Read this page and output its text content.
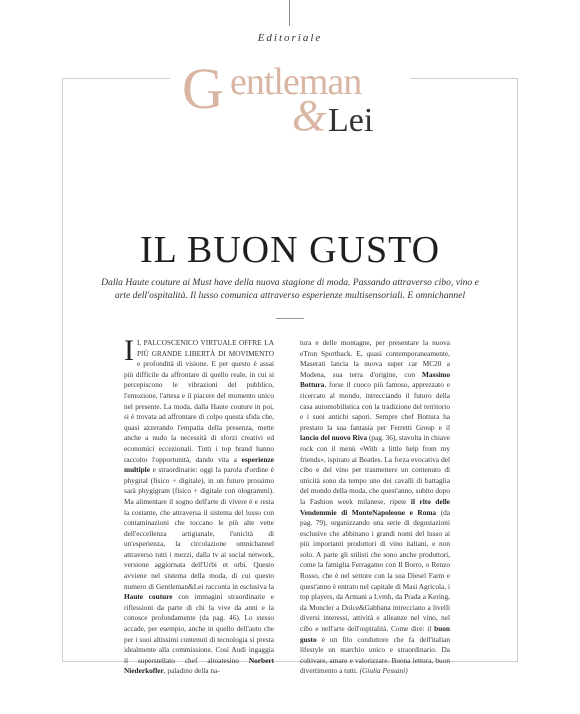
Editoriale
G entleman
& Lei
IL BUON GUSTO
Dalla Haute couture ai Must have della nuova stagione di moda. Passando attraverso cibo, vino e arte dell'ospitalità. Il lusso comunica attraverso esperienze multisensoriali. E omnichannel
I L PALCOSCENICO VIRTUALE OFFRE LA PIÙ GRANDE LIBERTÀ DI MOVIMENTO e profondità di visione. E per questo è assai più difficile da affrontare di quello reale, in cui si percepiscono le vibrazioni del pubblico, l'emozione, l'attesa e il piacere del momento unico nel presente. La moda, dalla Haute couture in poi, si è trovata ad affrontare di colpo questa sfida che, quasi azzerando l'empatia della presenza, mette anche a nudo la necessità di sforzi creativi ed economici eccezionali. Tutti i top brand hanno raccolto l'opportunità, dando vita a esperienze multiple e straordinarie: oggi la parola d'ordine è phygital (fisico + digitale), in un futuro prossimo sarà phygigram (fisico + digitale con ologrammi). Ma alimentare il sogno dell'arte di vivere è e resta la costante, che attraversa il sistema del lusso con contaminazioni che toccano le più alte vette dell'eccellenza artigianale, l'unicità di un'esperienza, la circolazione omnichannel attraverso tutti i mezzi, dalla tv ai social network, versione aggiornata dell'Urbi et orbi. Questo avviene nel sistema della moda, di cui questo numero di Gentleman&Lei racconta in esclusiva la Haute couture con immagini straordinarie e riflessioni da parte di chi la vive da anni e la conosce profondamente (da pag. 46). Lo stesso accade, per esempio, anche in quello dell'auto che per i suoi altissimi contenuti di tecnologia si presta idealmente alla commissione. Così Audi ingaggia il superstellato chef altoatesino Norbert Niederkofler, paladino della na-
tura e delle montagne, per presentare la nuova eTron Sportback. E, quasi contemporaneamente, Maserati lancia la nuova super car MC20 a Modena, sua terra d'origine, con Massimo Bottura, forse il cuoco più famoso, apprezzato e ricercato al mondo, intrecciando il futuro della casa automobilistica con la tradizione del territorio e i suoi antichi sapori. Sempre chef Bottura ha prestato la sua fantasia per Ferretti Group e il lancio del nuovo Riva (pag. 36), stavolta in chiave rock con il menù «With a little help from my friends», ispirato ai Beatles. La forza evocativa del cibo e del vino per trasmettere un contenuto di unicità sono da tempo uno dei cavalli di battaglia del mondo della moda, che quest'anno, subito dopo la Fashion week milanese, ripete il rito delle Vendemmie di MonteNapoleone e Roma (da pag. 79), organizzando una serie di degustazioni esclusive che abbinano i grandi nomi del lusso ai più importanti produttori di vino italiani, e non solo. A parte gli stilisti che sono anche produttori, come la famiglia Ferragamo con Il Borro, o Renzo Rosso, che è nel settore con la sua Diesel Farm e quest'anno è entrato nel capitale di Masi Agricola, i top players, da Armani a Lvmh, da Prada a Kering, da Moncler a Dolce&Gabbana intrecciano a livelli diversi interessi, attività e alleanze nel vino, nel cibo e nell'arte dell'ospitalità. Come dire: il buon gusto è un filo conduttore che fa dell'italian lifestyle un marchio unico e straordinario. Da coltivare, amare e valorizzare. Buona lettura, buon divertimento a tutti. (Giulia Pessani)
